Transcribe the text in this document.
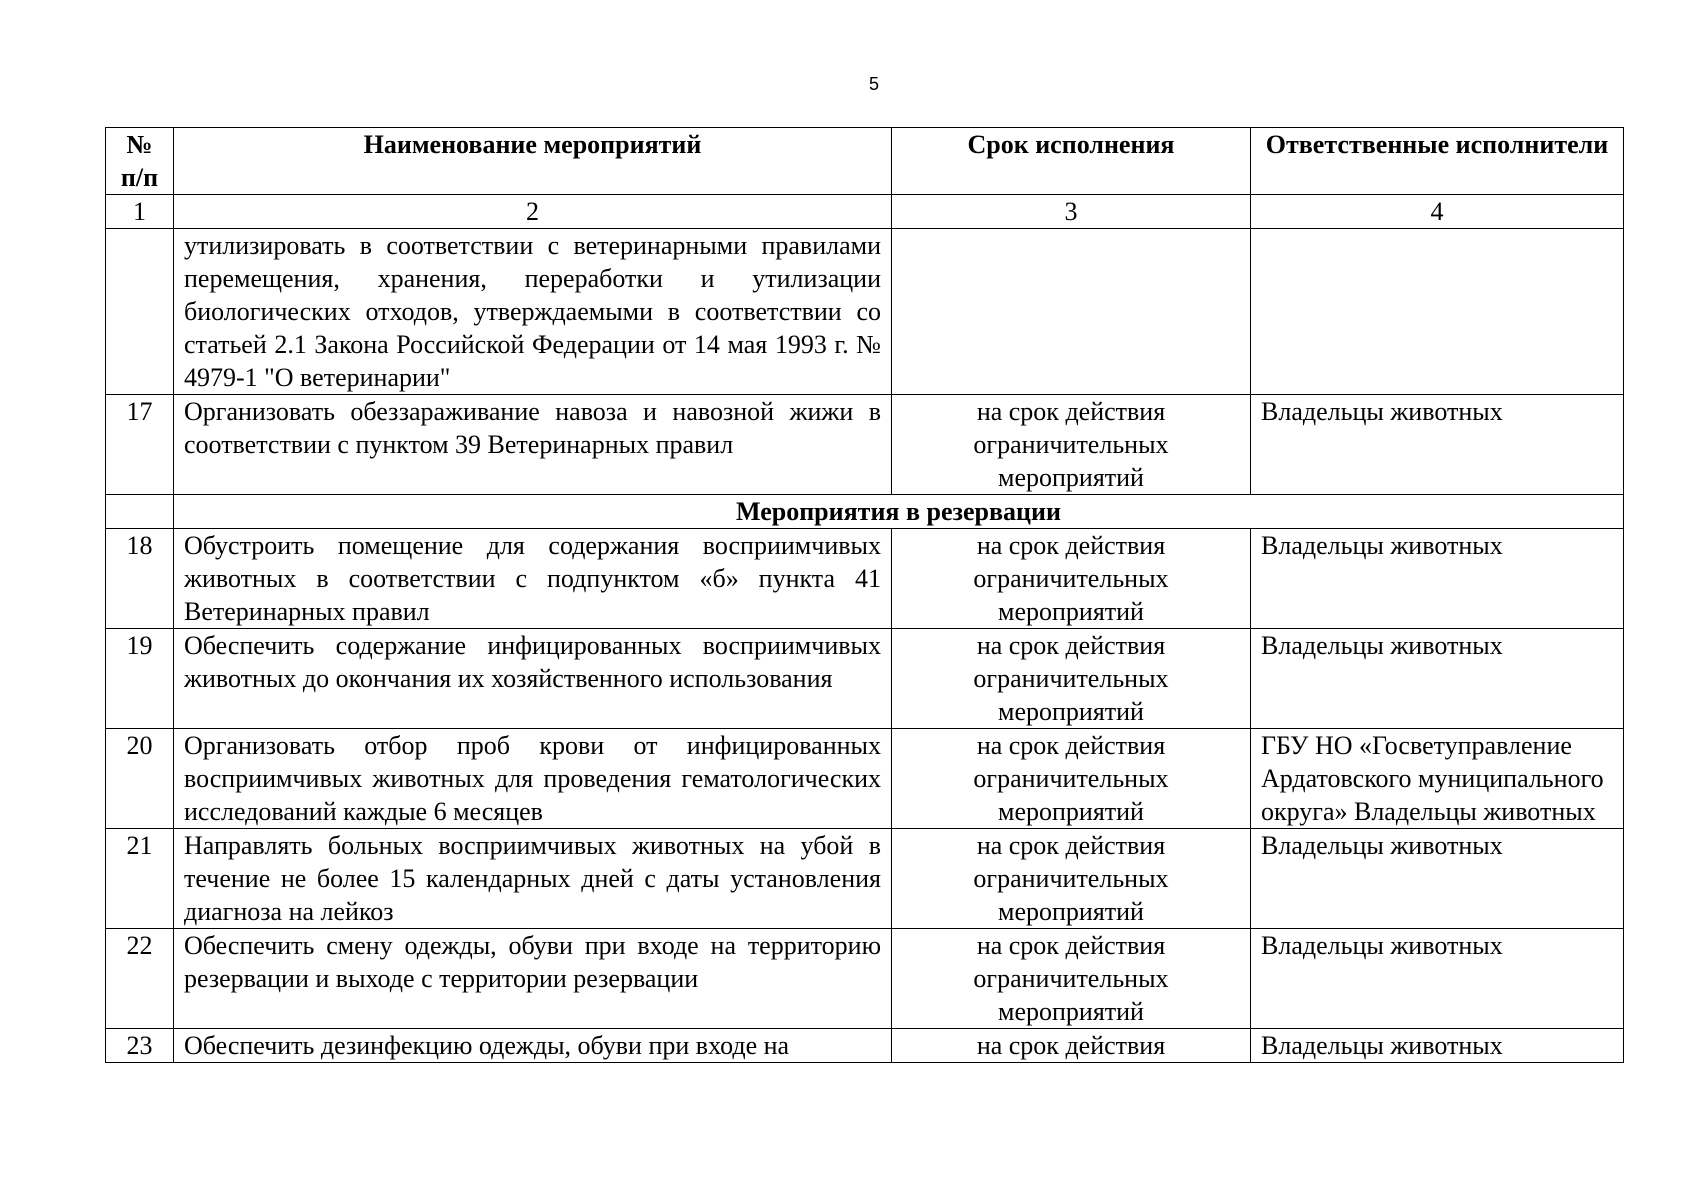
5
№ п/п	Наименование мероприятий	Срок исполнения	Ответственные исполнители
1	2	3	4
	утилизировать в соответствии с ветеринарными правилами перемещения, хранения, переработки и утилизации биологических отходов, утверждаемыми в соответствии со статьей 2.1 Закона Российской Федерации от 14 мая 1993 г. № 4979-1 "О ветеринарии"		
17	Организовать обеззараживание навоза и навозной жижи в соответствии с пунктом 39 Ветеринарных правил	на срок действия ограничительных мероприятий	Владельцы животных
	Мероприятия в резервации		
18	Обустроить помещение для содержания восприимчивых животных в соответствии с подпунктом «б» пункта 41 Ветеринарных правил	на срок действия ограничительных мероприятий	Владельцы животных
19	Обеспечить содержание инфицированных восприимчивых животных до окончания их хозяйственного использования	на срок действия ограничительных мероприятий	Владельцы животных
20	Организовать отбор проб крови от инфицированных восприимчивых животных для проведения гематологических исследований каждые 6 месяцев	на срок действия ограничительных мероприятий	ГБУ НО «Госветуправление Ардатовского муниципального округа» Владельцы животных
21	Направлять больных восприимчивых животных на убой в течение не более 15 календарных дней с даты установления диагноза на лейкоз	на срок действия ограничительных мероприятий	Владельцы животных
22	Обеспечить смену одежды, обуви при входе на территорию резервации и выходе с территории резервации	на срок действия ограничительных мероприятий	Владельцы животных
23	Обеспечить дезинфекцию одежды, обуви при входе на	на срок действия	Владельцы животных
